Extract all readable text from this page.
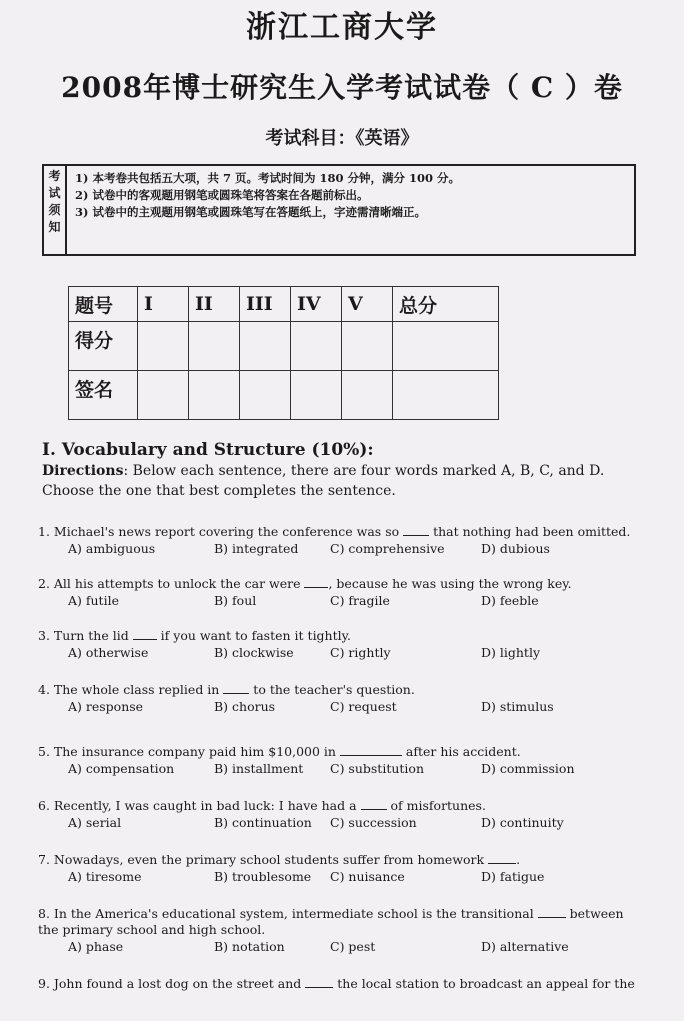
浙江工商大学
2008年博士研究生入学考试试卷（ C ）卷
考试科目：《英语》
考
试
须
知
1) 本考卷共包括五大项，共 7 页。考试时间为 180 分钟，满分 100 分。
2) 试卷中的客观题用钢笔或圆珠笔将答案在各题前标出。
3) 试卷中的主观题用钢笔或圆珠笔写在答题纸上，字迹需清晰端正。
题号	I	II	III	IV	V	总分
得分						
签名						
I. Vocabulary and Structure (10%):
Directions: Below each sentence, there are four words marked A, B, C, and D. Choose the one that best completes the sentence.
1. Michael's news report covering the conference was so  that nothing had been omitted.
A) ambiguous	B) integrated	C) comprehensive	D) dubious
2. All his attempts to unlock the car were , because he was using the wrong key.
A) futile	B) foul	C) fragile	D) feeble
3. Turn the lid  if you want to fasten it tightly.
A) otherwise	B) clockwise	C) rightly	D) lightly
4. The whole class replied in  to the teacher's question.
A) response	B) chorus	C) request	D) stimulus
5. The insurance company paid him $10,000 in	after his accident.
A) compensation	B) installment C) substitution	D) commission
6. Recently, I was caught in bad luck: I have had a  of misfortunes.
A) serial	B) continuation C) succession	D) continuity
7. Nowadays, even the primary school students suffer from homework .
A) tiresome	B) troublesome C) nuisance	D) fatigue
8. In the America's educational system, intermediate school is the transitional  between the primary school and high school.
A) phase	B) notation	C) pest	D) alternative
9. John found a lost dog on the street and  the local station to broadcast an appeal for the
